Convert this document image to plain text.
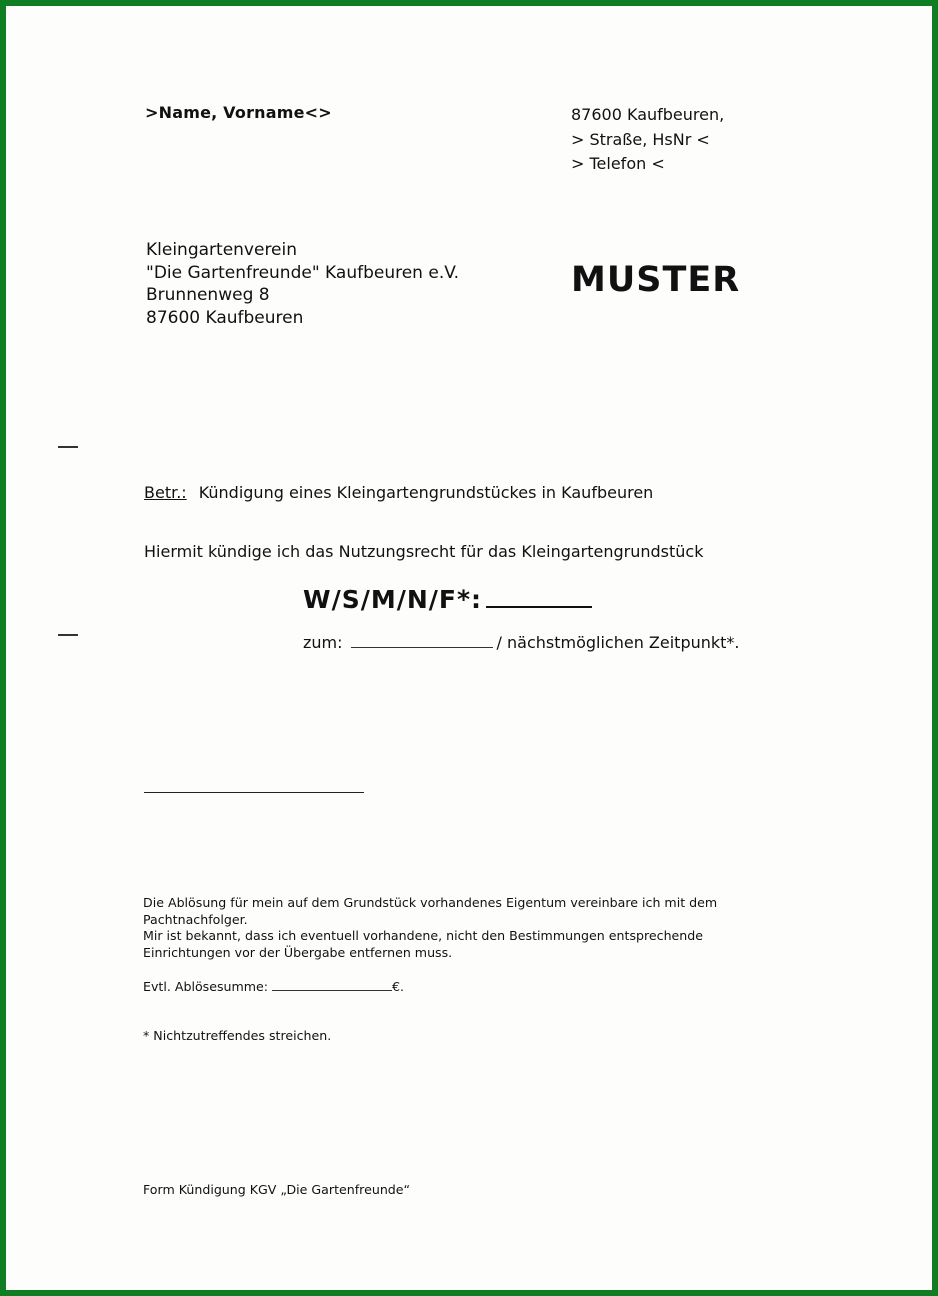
>Name, Vorname<>	87600 Kaufbeuren,
> Straße, HsNr <
> Telefon <
Kleingartenverein
"Die Gartenfreunde" Kaufbeuren e.V.
Brunnenweg 8
87600 Kaufbeuren
MUSTER
Betr.: Kündigung eines Kleingartengrundstückes in Kaufbeuren
Hiermit kündige ich das Nutzungsrecht für das Kleingartengrundstück
W/S/M/N/F*:
zum:	/ nächstmöglichen Zeitpunkt*.
Die Ablösung für mein auf dem Grundstück vorhandenes Eigentum vereinbare ich mit dem
Pachtnachfolger.
Mir ist bekannt, dass ich eventuell vorhandene, nicht den Bestimmungen entsprechende
Einrichtungen vor der Übergabe entfernen muss.
Evtl. Ablösesumme:	€.
* Nichtzutreffendes streichen.
Form Kündigung KGV „Die Gartenfreunde“
